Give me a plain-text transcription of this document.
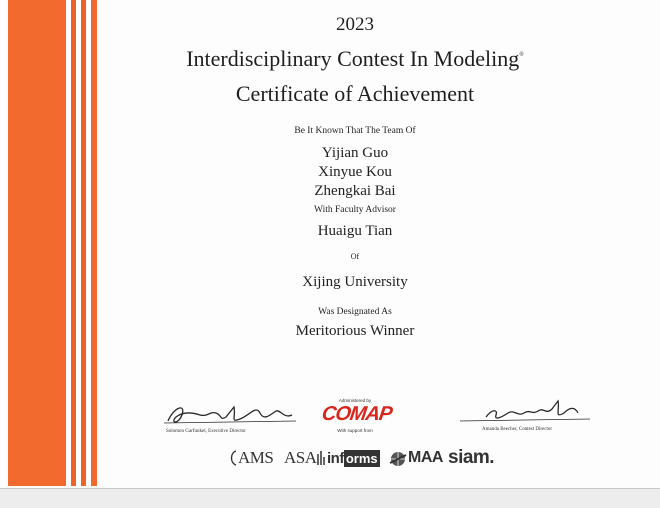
2023
Interdisciplinary Contest In Modeling®
Certificate of Achievement
Be It Known That The Team Of
Yijian Guo
Xinyue Kou
Zhengkai Bai
With Faculty Advisor
Huaigu Tian
Of
Xijing University
Was Designated As
Meritorious Winner
Solomon Garfunkel, Executive Director
Administered by
COMAP
With support from	Amanda Beecher, Contest Director
AMS ASA inf orms MAA siam.
